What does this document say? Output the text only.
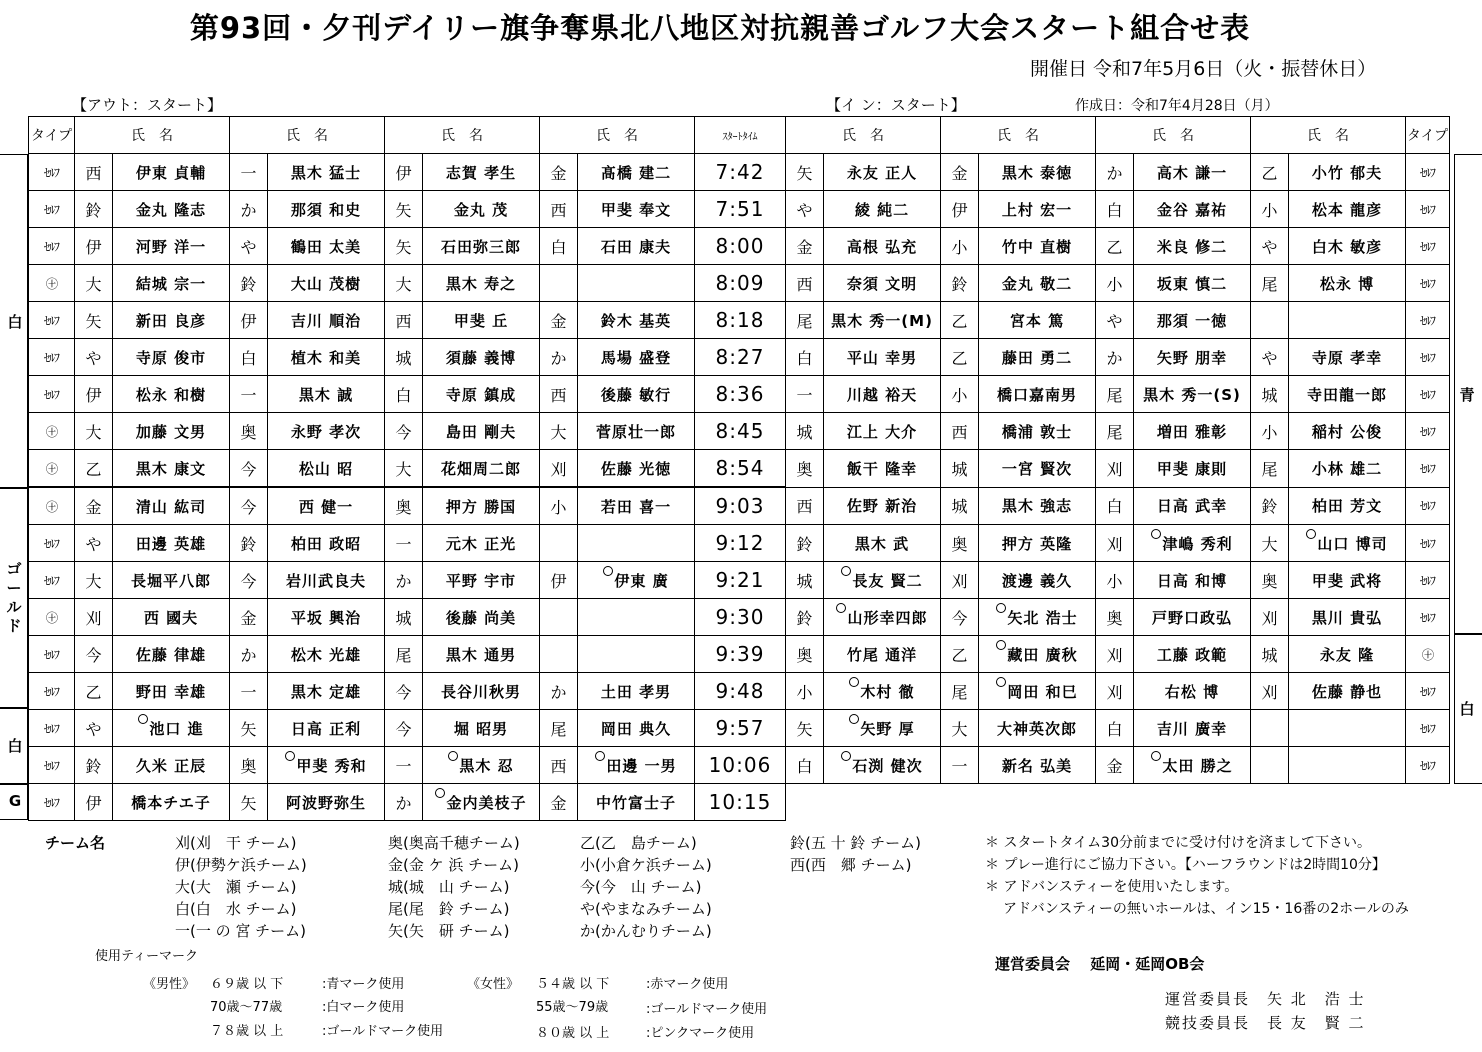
第93回・夕刊デイリー旗争奪県北八地区対抗親善ゴルフ大会スタート組合せ表
開催日 令和7年5月6日（火・振替休日）
【アウト：スタート】	【イ ン：スタート】	作成日：令和7年4月28日（月）
タイプ	氏　名		氏　名		氏　名		氏　名		ｽﾀｰﾄﾀｲﾑ	氏　名		氏　名		氏　名		氏　名		タイプ
ｾﾙﾌ	西	伊東 貞輔	一	黒木 猛士	伊	志賀 孝生	金	髙橋 建二	7:42	矢	永友 正人	金	黒木 泰徳	か	高木 謙一	乙	小竹 郁夫	ｾﾙﾌ
ｾﾙﾌ	鈴	金丸 隆志	か	那須 和史	矢	金丸 茂	西	甲斐 奉文	7:51	や	綾 純二	伊	上村 宏一	白	金谷 嘉祐	小	松本 龍彦	ｾﾙﾌ
ｾﾙﾌ	伊	河野 洋一	や	鶴田 太美	矢	石田弥三郎	白	石田 康夫	8:00	金	高根 弘充	小	竹中 直樹	乙	米良 修二	や	白木 敏彦	ｾﾙﾌ
㊉	大	結城 宗一	鈴	大山 茂樹	大	黒木 寿之			8:09	西	奈須 文明	鈴	金丸 敬二	小	坂東 慎二	尾	松永 博	ｾﾙﾌ
ｾﾙﾌ	矢	新田 良彦	伊	吉川 順治	西	甲斐 丘	金	鈴木 基英	8:18	尾	黒木 秀一(M)	乙	宮本 篤	や	那須 一徳			ｾﾙﾌ
ｾﾙﾌ	や	寺原 俊市	白	植木 和美	城	須藤 義博	か	馬場 盛登	8:27	白	平山 幸男	乙	藤田 勇二	か	矢野 朋幸	や	寺原 孝幸	ｾﾙﾌ
ｾﾙﾌ	伊	松永 和樹	一	黒木 誠	白	寺原 鎮成	西	後藤 敏行	8:36	一	川越 裕天	小	橋口嘉南男	尾	黒木 秀一(S)	城	寺田龍一郎	ｾﾙﾌ
㊉	大	加藤 文男	奥	永野 孝次	今	島田 剛夫	大	菅原壮一郎	8:45	城	江上 大介	西	橋浦 敦士	尾	増田 雅彰	小	稲村 公俊	ｾﾙﾌ
㊉	乙	黒木 康文	今	松山 昭	大	花畑周二郎	刈	佐藤 光徳	8:54	奥	飯干 隆幸	城	一宮 賢次	刈	甲斐 康則	尾	小林 雄二	ｾﾙﾌ
㊉	金	清山 紘司	今	西 健一	奥	押方 勝国	小	若田 喜一	9:03	西	佐野 新治	城	黒木 強志	白	日高 武幸	鈴	柏田 芳文	ｾﾙﾌ
ｾﾙﾌ	や	田邊 英雄	鈴	柏田 政昭	一	元木 正光			9:12	鈴	黒木 武	奥	押方 英隆	刈	津嶋 秀利	大	山口 博司	ｾﾙﾌ
ｾﾙﾌ	大	長堀平八郎	今	岩川武良夫	か	平野 宇市	伊	伊東 廣	9:21	城	長友 賢二	刈	渡邊 義久	小	日高 和博	奥	甲斐 武将	ｾﾙﾌ
㊉	刈	西 國夫	金	平坂 興治	城	後藤 尚美			9:30	鈴	山形幸四郎	今	矢北 浩士	奥	戸野口政弘	刈	黒川 貴弘	ｾﾙﾌ
ｾﾙﾌ	今	佐藤 律雄	か	松木 光雄	尾	黒木 通男			9:39	奥	竹尾 通洋	乙	藏田 廣秋	刈	工藤 政範	城	永友 隆	㊉
ｾﾙﾌ	乙	野田 幸雄	一	黒木 定雄	今	長谷川秋男	か	土田 孝男	9:48	小	木村 徹	尾	岡田 和巳	刈	右松 博	刈	佐藤 静也	ｾﾙﾌ
ｾﾙﾌ	や	池口 進	矢	日高 正利	今	堀 昭男	尾	岡田 典久	9:57	矢	矢野 厚	大	大神英次郎	白	吉川 廣幸			ｾﾙﾌ
ｾﾙﾌ	鈴	久米 正辰	奥	甲斐 秀和	一	黒木 忍	西	田邊 一男	10:06	白	石渕 健次	一	新名 弘美	金	太田 勝之			ｾﾙﾌ
ｾﾙﾌ	伊	橋本チエ子	矢	阿波野弥生	か	金内美枝子	金	中竹富士子	10:15									
白
ゴールド
白
G
青
白
チーム名	刈(刈　干 チーム)
伊(伊勢ケ浜チーム)
大(大　瀬 チーム)
白(白　水 チーム)
一(一 の 宮 チーム)
奥(奥高千穂チーム)
金(金 ケ 浜 チーム)
城(城　山 チーム)
尾(尾　鈴 チーム)
矢(矢　研 チーム)
乙(乙　島チーム)
小(小倉ケ浜チーム)
今(今　山 チーム)
や(やまなみチーム)
か(かんむりチーム)
鈴(五 十 鈴 チーム)
西(西　郷 チーム)
＊ スタートタイム30分前までに受け付けを済まして下さい。
＊ プレー進行にご協力下さい。【ハーフラウンドは2時間10分】
＊ アドバンスティーを使用いたします。
アドバンスティーの無いホールは、イン15・16番の2ホールのみ
使用ティーマーク
《男性》 ６９歳 以 下	:青マーク使用
70歳～77歳	:白マーク使用
７８歳 以 上	:ゴールドマーク使用
《女性》 ５４歳 以 下	:赤マーク使用
55歳～79歳	:ゴールドマーク使用
８０歳 以 上	:ピンクマーク使用
運営委員会　 延岡・延岡OB会
運営委員長　矢 北　浩 士
競技委員長　長 友　賢 二
